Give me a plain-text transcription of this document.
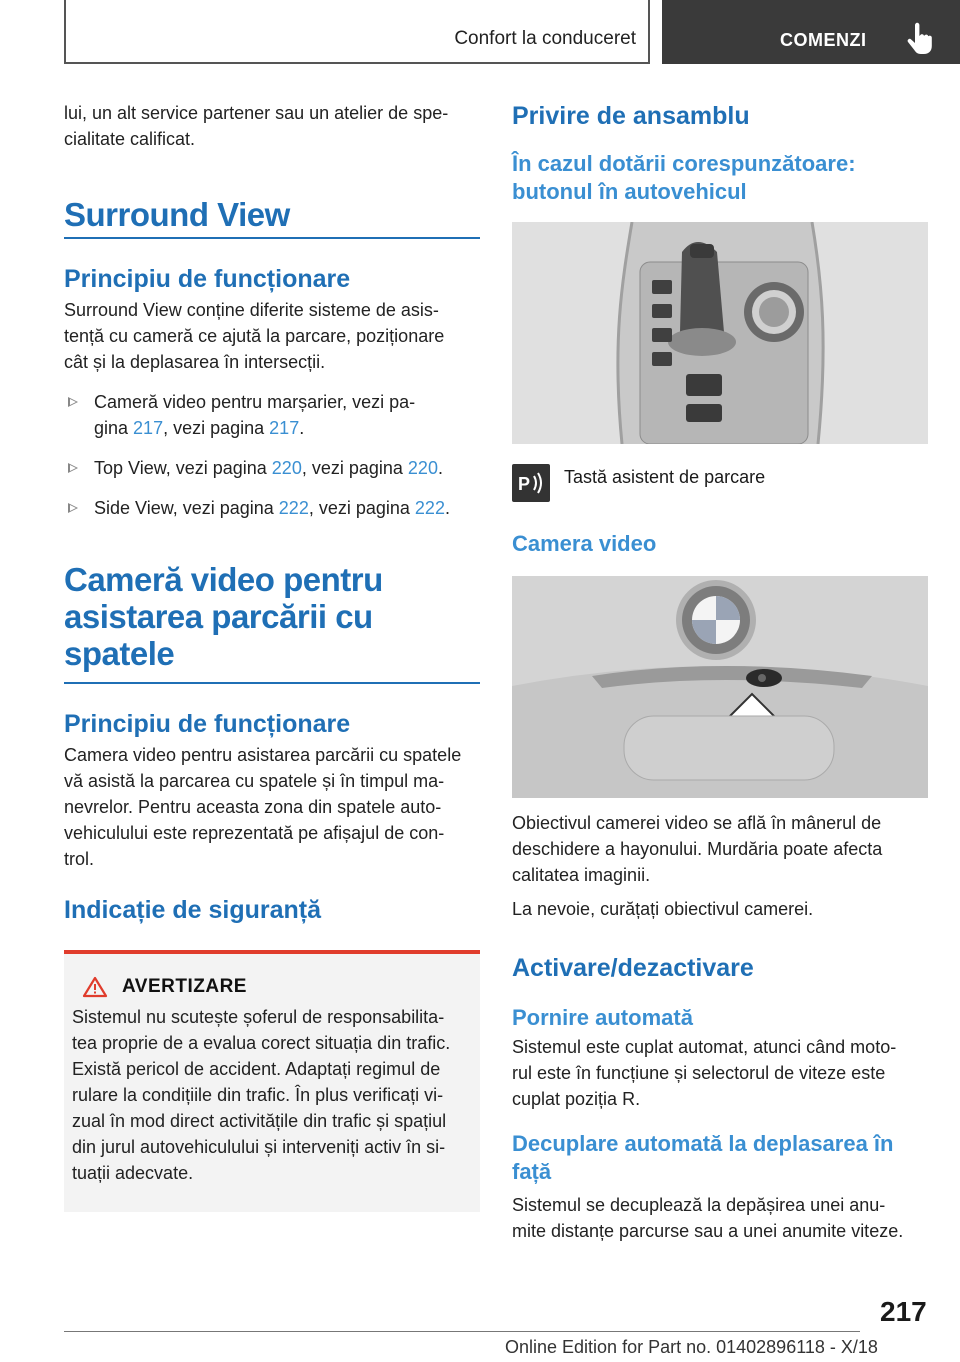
Confort la conduceret	COMENZI

lui, un alt service partener sau un atelier de spe‐
cialitate calificat.

Surround View
Principiu de funcționare

Surround View conține diferite sisteme de asis‐
tență cu cameră ce ajută la parcare, poziționare
cât și la deplasarea în intersecții.

Cameră video pentru marșarier, vezi pa‐
gina 217, vezi pagina 217.
Top View, vezi pagina 220, vezi pagina 220.
Side View, vezi pagina 222, vezi pagina 222.
Cameră video pentru
asistarea parcării cu
spatele
Principiu de funcționare

Camera video pentru asistarea parcării cu spatele
vă asistă la parcarea cu spatele și în timpul ma‐
nevrelor. Pentru aceasta zona din spatele auto‐
vehiculului este reprezentată pe afișajul de con‐
trol.

Indicație de siguranță
AVERTIZARE

Sistemul nu scutește șoferul de responsabilita‐
tea proprie de a evalua corect situația din trafic.
Există pericol de accident. Adaptați regimul de
rulare la condițiile din trafic. În plus verificați vi‐
zual în mod direct activitățile din trafic și spațiul
din jurul autovehiculului și interveniți activ în si‐
tuații adecvate.

Privire de ansamblu
În cazul dotării corespunzătoare:
butonul în autovehicul
P Tastă asistent de parcare
Camera video

Obiectivul camerei video se află în mânerul de
deschidere a hayonului. Murdăria poate afecta
calitatea imaginii.

La nevoie, curățați obiectivul camerei.

Activare/dezactivare
Pornire automată

Sistemul este cuplat automat, atunci când moto‐
rul este în funcțiune și selectorul de viteze este
cuplat poziția R.

Decuplare automată la deplasarea în
față

Sistemul se decuplează la depășirea unei anu‐
mite distanțe parcurse sau a unei anumite viteze.

217
Online Edition for Part no. 01402896118 - X/18
